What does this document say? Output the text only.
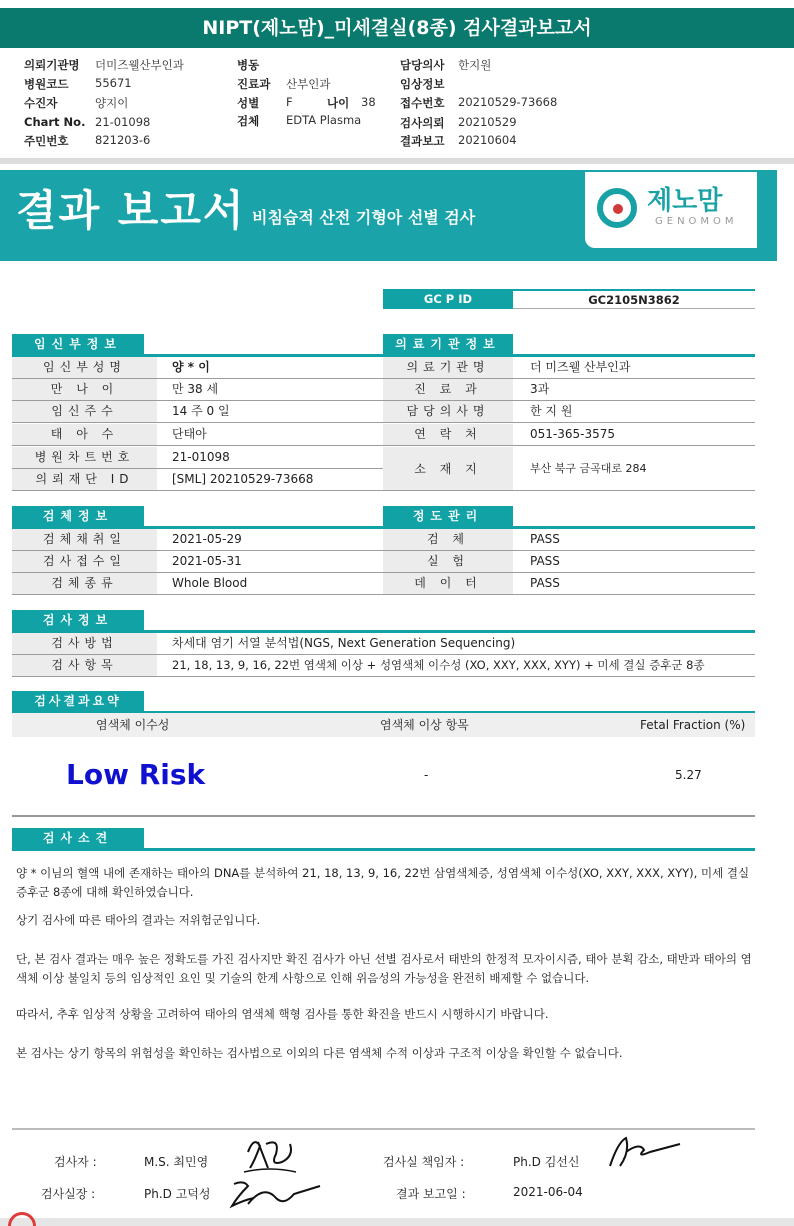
NIPT(제노맘)_미세결실(8종) 검사결과보고서
의뢰기관명 더미즈웰산부인과
병원코드 55671
수진자	양지이
Chart No. 21-01098
주민번호 821203-6
병동
진료과 산부인과
성별 F	나이 38
검체 EDTA Plasma
담당의사 한지원
임상정보
접수번호 20210529-73668
검사의뢰 20210529
결과보고 20210604
결과 보고서 비침습적 산전 기형아 선별 검사
제노맘
GENOMOM
GC P ID	GC2105N3862
임신부정보
임신부성명	양 * 이
만 나 이	만 38 세
임신주수	14 주 0 일
태 아 수	단태아
병원차트번호	21-01098
의뢰재단 ID	[SML] 20210529-73668
의료기관정보
의료기관명	더 미즈웰 산부인과
진 료 과	3과
담당의사명	한 지 원
연 락 처	051-365-3575
소 재 지	부산 북구 금곡대로 284
검체정보
검체채취일	2021-05-29
검사접수일	2021-05-31
검체종류	Whole Blood
정도관리
검 체	PASS
실 험	PASS
데 이 터	PASS
검사정보
검사방법	차세대 염기 서열 분석법(NGS, Next Generation Sequencing)
검사항목	21, 18, 13, 9, 16, 22번 염색체 이상 + 성염색체 이수성 (XO, XXY, XXX, XYY) + 미세 결실 증후군 8종
검사결과요약
염색체 이수성	염색체 이상 항목	Fetal Fraction (%)
Low Risk	-	5.27
검사소견
양 * 이님의 혈액 내에 존재하는 태아의 DNA를 분석하여 21, 18, 13, 9, 16, 22번 삼염색체증, 성염색체 이수성(XO, XXY, XXX, XYY), 미세 결실 증후군 8종에 대해 확인하였습니다.
상기 검사에 따른 태아의 결과는 저위험군입니다.
단, 본 검사 결과는 매우 높은 정확도를 가진 검사지만 확진 검사가 아닌 선별 검사로서 태반의 한정적 모자이시즘, 태아 분획 감소, 태반과 태아의 염색체 이상 불일치 등의 임상적인 요인 및 기술의 한계 사항으로 인해 위음성의 가능성을 완전히 배제할 수 없습니다.
따라서, 추후 임상적 상황을 고려하여 태아의 염색체 핵형 검사를 통한 확진을 반드시 시행하시기 바랍니다.
본 검사는 상기 항목의 위험성을 확인하는 검사법으로 이외의 다른 염색체 수적 이상과 구조적 이상을 확인할 수 없습니다.
검사자 :	M.S. 최민영
검사실장 :	Ph.D 고덕성
검사실 책임자 :	Ph.D 김선신
결과 보고일 :	2021-06-04
